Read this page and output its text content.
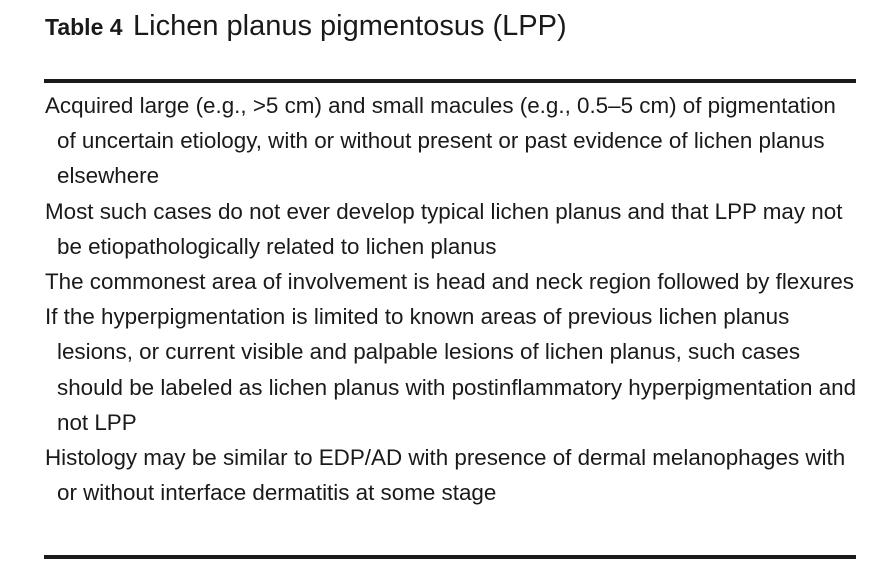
Table 4 Lichen planus pigmentosus (LPP)
Acquired large (e.g., >5 cm) and small macules (e.g., 0.5–5 cm) of pigmentation of uncertain etiology, with or without present or past evidence of lichen planus elsewhere
Most such cases do not ever develop typical lichen planus and that LPP may not be etiopathologically related to lichen planus
The commonest area of involvement is head and neck region followed by flexures
If the hyperpigmentation is limited to known areas of previous lichen planus lesions, or current visible and palpable lesions of lichen planus, such cases should be labeled as lichen planus with postinflammatory hyperpigmentation and not LPP
Histology may be similar to EDP/AD with presence of dermal melanophages with or without interface dermatitis at some stage
